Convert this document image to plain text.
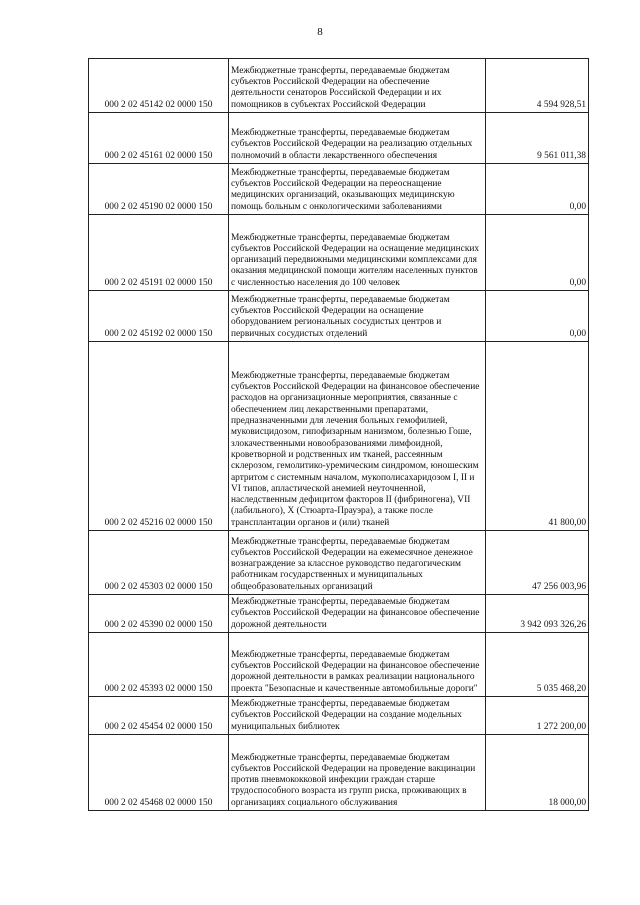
8
000 2 02 45142 02 0000 150	Межбюджетные трансферты, передаваемые бюджетам субъектов Российской Федерации на обеспечение деятельности сенаторов Российской Федерации и их помощников в субъектах Российской Федерации	4 594 928,51
000 2 02 45161 02 0000 150	Межбюджетные трансферты, передаваемые бюджетам субъектов Российской Федерации на реализацию отдельных полномочий в области лекарственного обеспечения	9 561 011,38
000 2 02 45190 02 0000 150	Межбюджетные трансферты, передаваемые бюджетам субъектов Российской Федерации на переоснащение медицинских организаций, оказывающих медицинскую помощь больным с онкологическими заболеваниями	0,00
000 2 02 45191 02 0000 150	Межбюджетные трансферты, передаваемые бюджетам субъектов Российской Федерации на оснащение медицинских организаций передвижными медицинскими комплексами для оказания медицинской помощи жителям населенных пунктов с численностью населения до 100 человек	0,00
000 2 02 45192 02 0000 150	Межбюджетные трансферты, передаваемые бюджетам субъектов Российской Федерации на оснащение оборудованием региональных сосудистых центров и первичных сосудистых отделений	0,00
000 2 02 45216 02 0000 150	Межбюджетные трансферты, передаваемые бюджетам субъектов Российской Федерации на финансовое обеспечение расходов на организационные мероприятия, связанные с обеспечением лиц лекарственными препаратами, предназначенными для лечения больных гемофилией, муковисцидозом, гипофизарным нанизмом, болезнью Гоше, злокачественными новообразованиями лимфоидной, кроветворной и родственных им тканей, рассеянным склерозом, гемолитико-уремическим синдромом, юношеским артритом с системным началом, мукополисахаридозом I, II и VI типов, апластической анемией неуточненной, наследственным дефицитом факторов II (фибриногена), VII (лабильного), X (Стюарта-Прауэра), а также после трансплантации органов и (или) тканей	41 800,00
000 2 02 45303 02 0000 150	Межбюджетные трансферты, передаваемые бюджетам субъектов Российской Федерации на ежемесячное денежное вознаграждение за классное руководство педагогическим работникам государственных и муниципальных общеобразовательных организаций	47 256 003,96
000 2 02 45390 02 0000 150	Межбюджетные трансферты, передаваемые бюджетам субъектов Российской Федерации на финансовое обеспечение дорожной деятельности	3 942 093 326,26
000 2 02 45393 02 0000 150	Межбюджетные трансферты, передаваемые бюджетам субъектов Российской Федерации на финансовое обеспечение дорожной деятельности в рамках реализации национального проекта "Безопасные и качественные автомобильные дороги"	5 035 468,20
000 2 02 45454 02 0000 150	Межбюджетные трансферты, передаваемые бюджетам субъектов Российской Федерации на создание модельных муниципальных библиотек	1 272 200,00
000 2 02 45468 02 0000 150	Межбюджетные трансферты, передаваемые бюджетам субъектов Российской Федерации на проведение вакцинации против пневмококковой инфекции граждан старше трудоспособного возраста из групп риска, проживающих в организациях социального обслуживания	18 000,00
